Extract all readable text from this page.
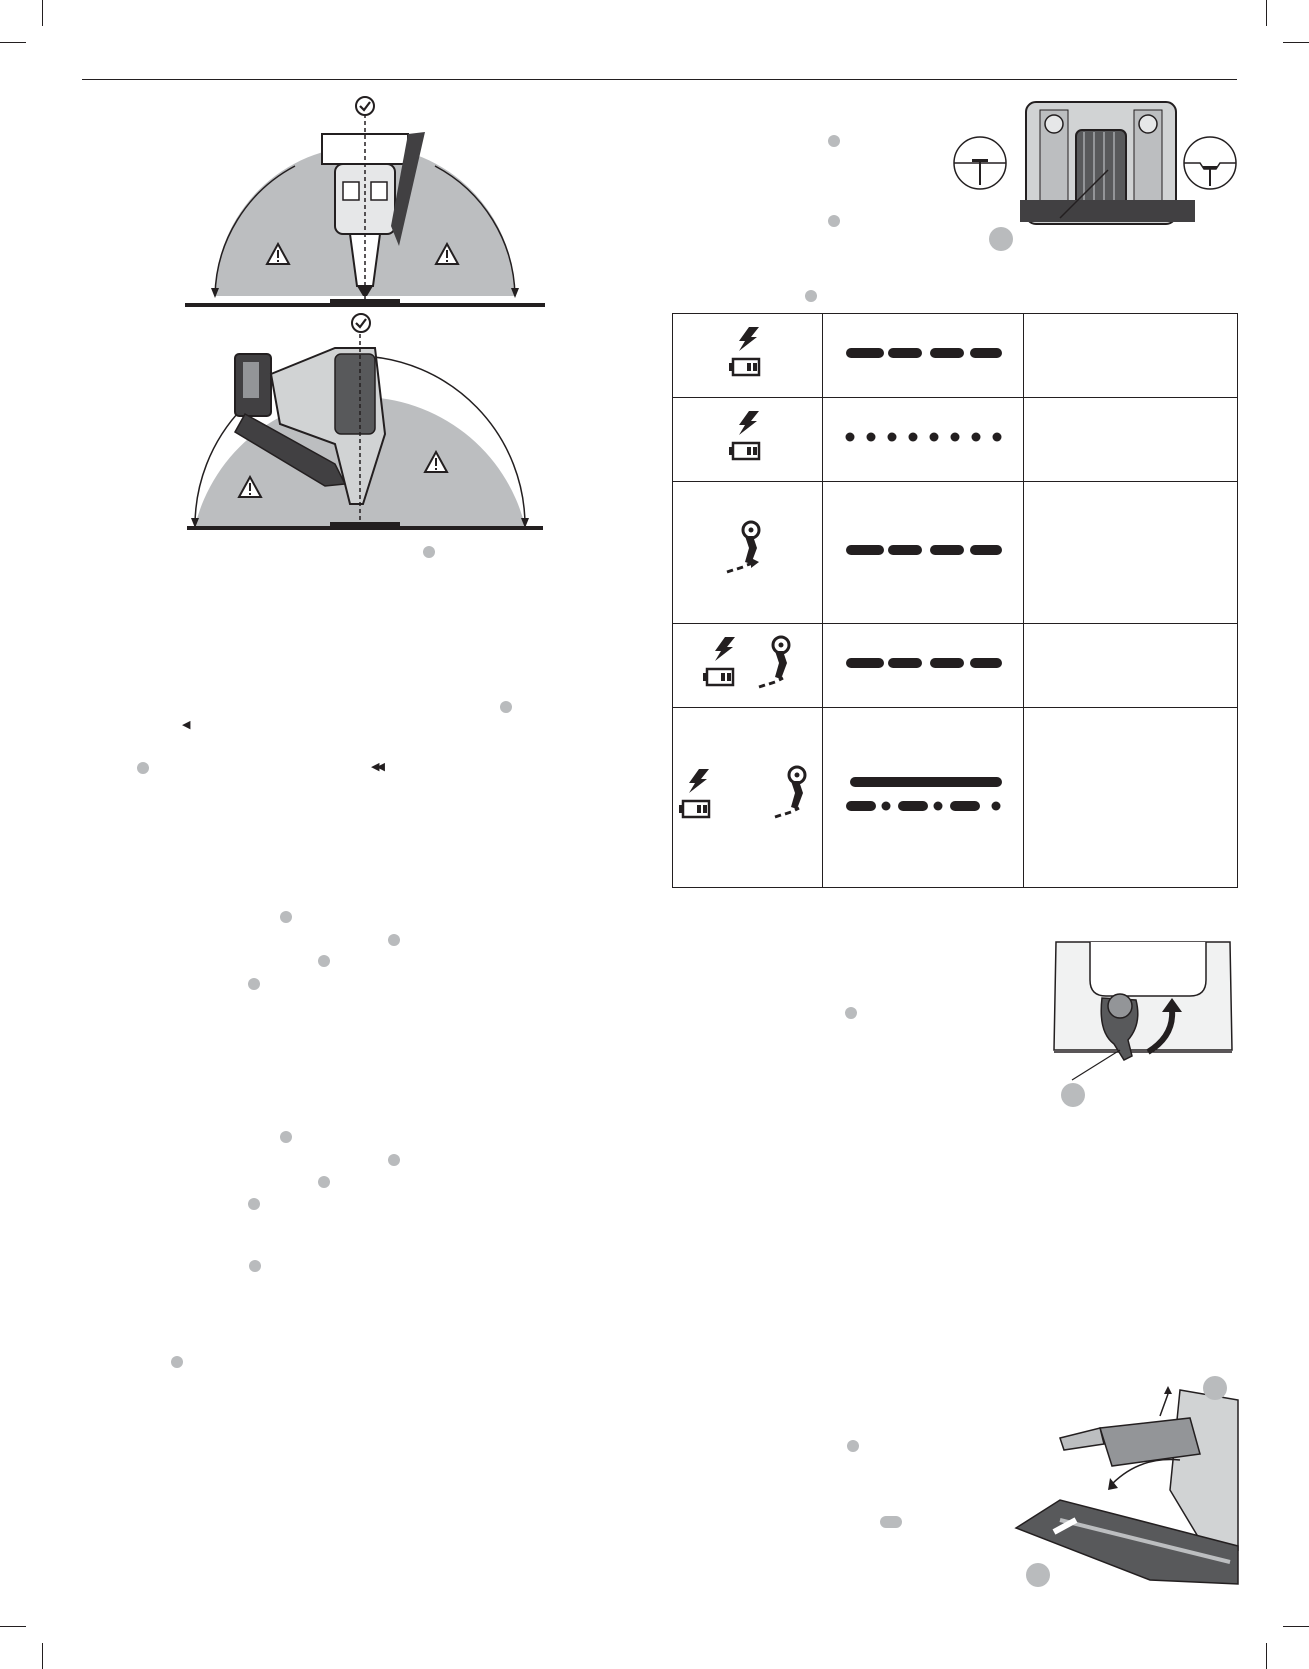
◀
◀◀
